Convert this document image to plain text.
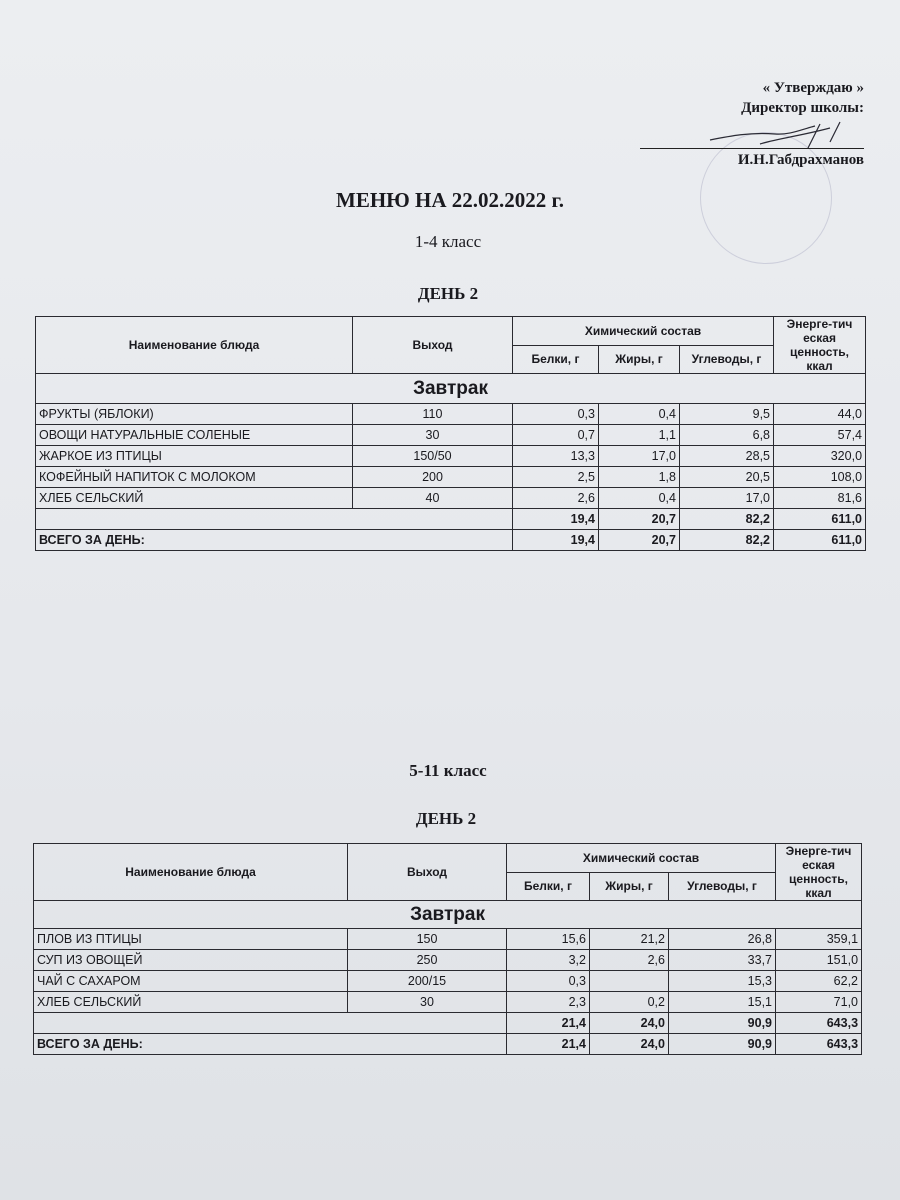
« Утверждаю »
Директор школы:
И.Н.Габдрахманов
МЕНЮ НА 22.02.2022 г.
1-4 класс
ДЕНЬ 2
Наименование блюда	Выход	Химический состав			Энерге-тич еская ценность, ккал
		Белки, г	Жиры, г	Углеводы, г	
Завтрак					
ФРУКТЫ (ЯБЛОКИ)	110	0,3	0,4	9,5	44,0
ОВОЩИ НАТУРАЛЬНЫЕ СОЛЕНЫЕ	30	0,7	1,1	6,8	57,4
ЖАРКОЕ ИЗ ПТИЦЫ	150/50	13,3	17,0	28,5	320,0
КОФЕЙНЫЙ НАПИТОК С МОЛОКОМ	200	2,5	1,8	20,5	108,0
ХЛЕБ СЕЛЬСКИЙ	40	2,6	0,4	17,0	81,6
		19,4	20,7	82,2	611,0
ВСЕГО ЗА ДЕНЬ:		19,4	20,7	82,2	611,0
5-11 класс
ДЕНЬ 2
Наименование блюда	Выход	Химический состав			Энерге-тич еская ценность, ккал
		Белки, г	Жиры, г	Углеводы, г	
Завтрак					
ПЛОВ ИЗ ПТИЦЫ	150	15,6	21,2	26,8	359,1
СУП ИЗ ОВОЩЕЙ	250	3,2	2,6	33,7	151,0
ЧАЙ С САХАРОМ	200/15	0,3		15,3	62,2
ХЛЕБ СЕЛЬСКИЙ	30	2,3	0,2	15,1	71,0
		21,4	24,0	90,9	643,3
ВСЕГО ЗА ДЕНЬ:		21,4	24,0	90,9	643,3
